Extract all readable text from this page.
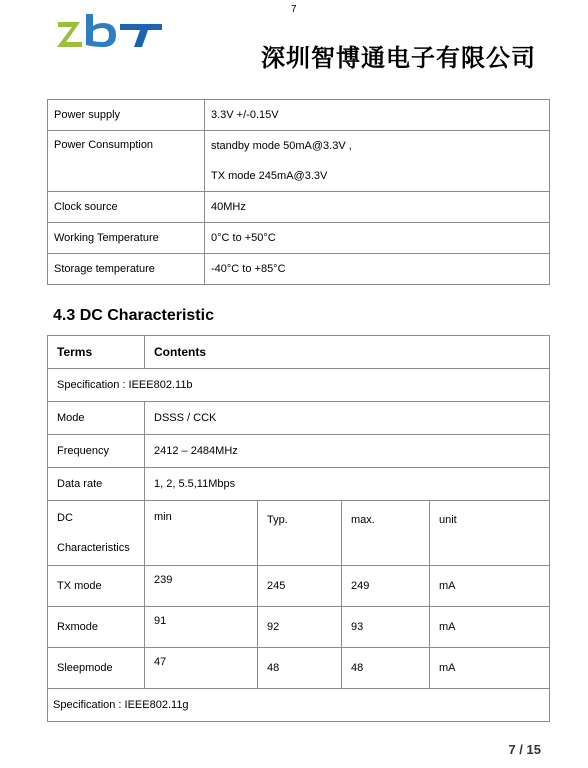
7
深圳智博通电子有限公司
Power supply	3.3V +/-0.15V
Power Consumption	standby mode 50mA@3.3V ,
TX mode 245mA@3.3V

Clock source	40MHz
Working Temperature	0°C to +50°C
Storage temperature	-40°C to +85°C
4.3 DC Characteristic
Terms	Contents			
Specification : IEEE802.11b				
Mode	DSSS / CCK			
Frequency	2412 – 2484MHz			
Data rate	1, 2, 5.5,11Mbps			

DC
Characteristics	min	Typ.	max.	unit
TX mode	239	245	249	mA
Rxmode	91	92	93	mA
Sleepmode	47	48	48	mA
Specification : IEEE802.11g				
7 / 15
